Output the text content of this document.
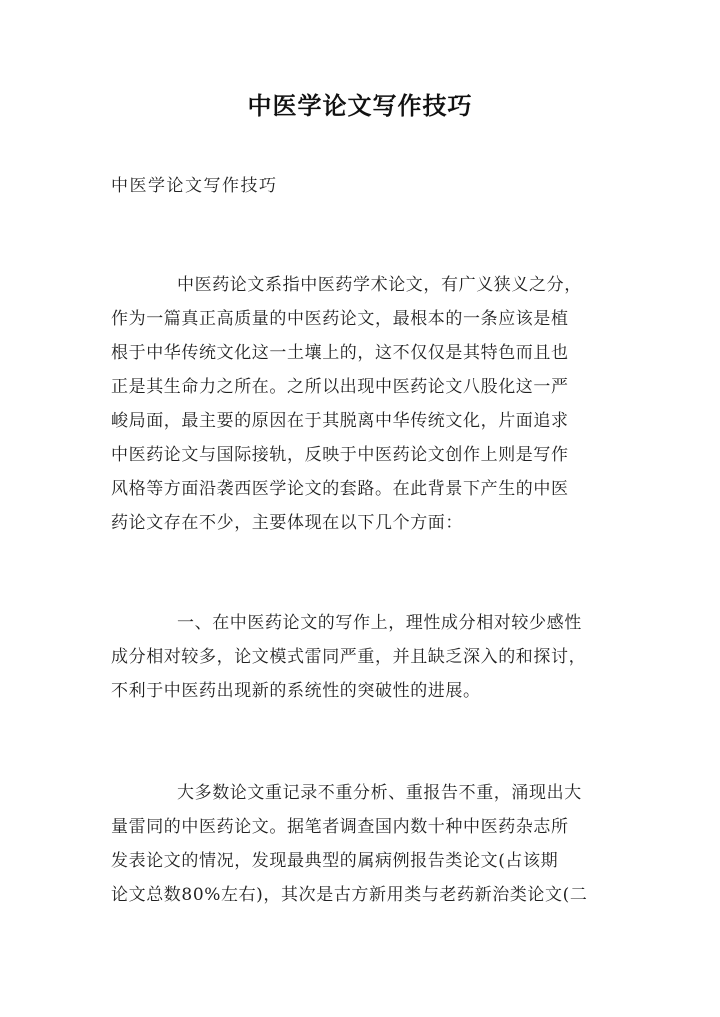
中医学论文写作技巧
中医学论文写作技巧
中医药论文系指中医药学术论文，有广义狭义之分，
作为一篇真正高质量的中医药论文，最根本的一条应该是植
根于中华传统文化这一土壤上的，这不仅仅是其特色而且也
正是其生命力之所在。之所以出现中医药论文八股化这一严
峻局面，最主要的原因在于其脱离中华传统文化，片面追求
中医药论文与国际接轨，反映于中医药论文创作上则是写作
风格等方面沿袭西医学论文的套路。在此背景下产生的中医
药论文存在不少，主要体现在以下几个方面：
一、在中医药论文的写作上，理性成分相对较少感性
成分相对较多，论文模式雷同严重，并且缺乏深入的和探讨，
不利于中医药出现新的系统性的突破性的进展。
大多数论文重记录不重分析、重报告不重，涌现出大
量雷同的中医药论文。据笔者调查国内数十种中医药杂志所
发表论文的情况，发现最典型的属病例报告类论文(占该期
论文总数80%左右)，其次是古方新用类与老药新治类论文(二
